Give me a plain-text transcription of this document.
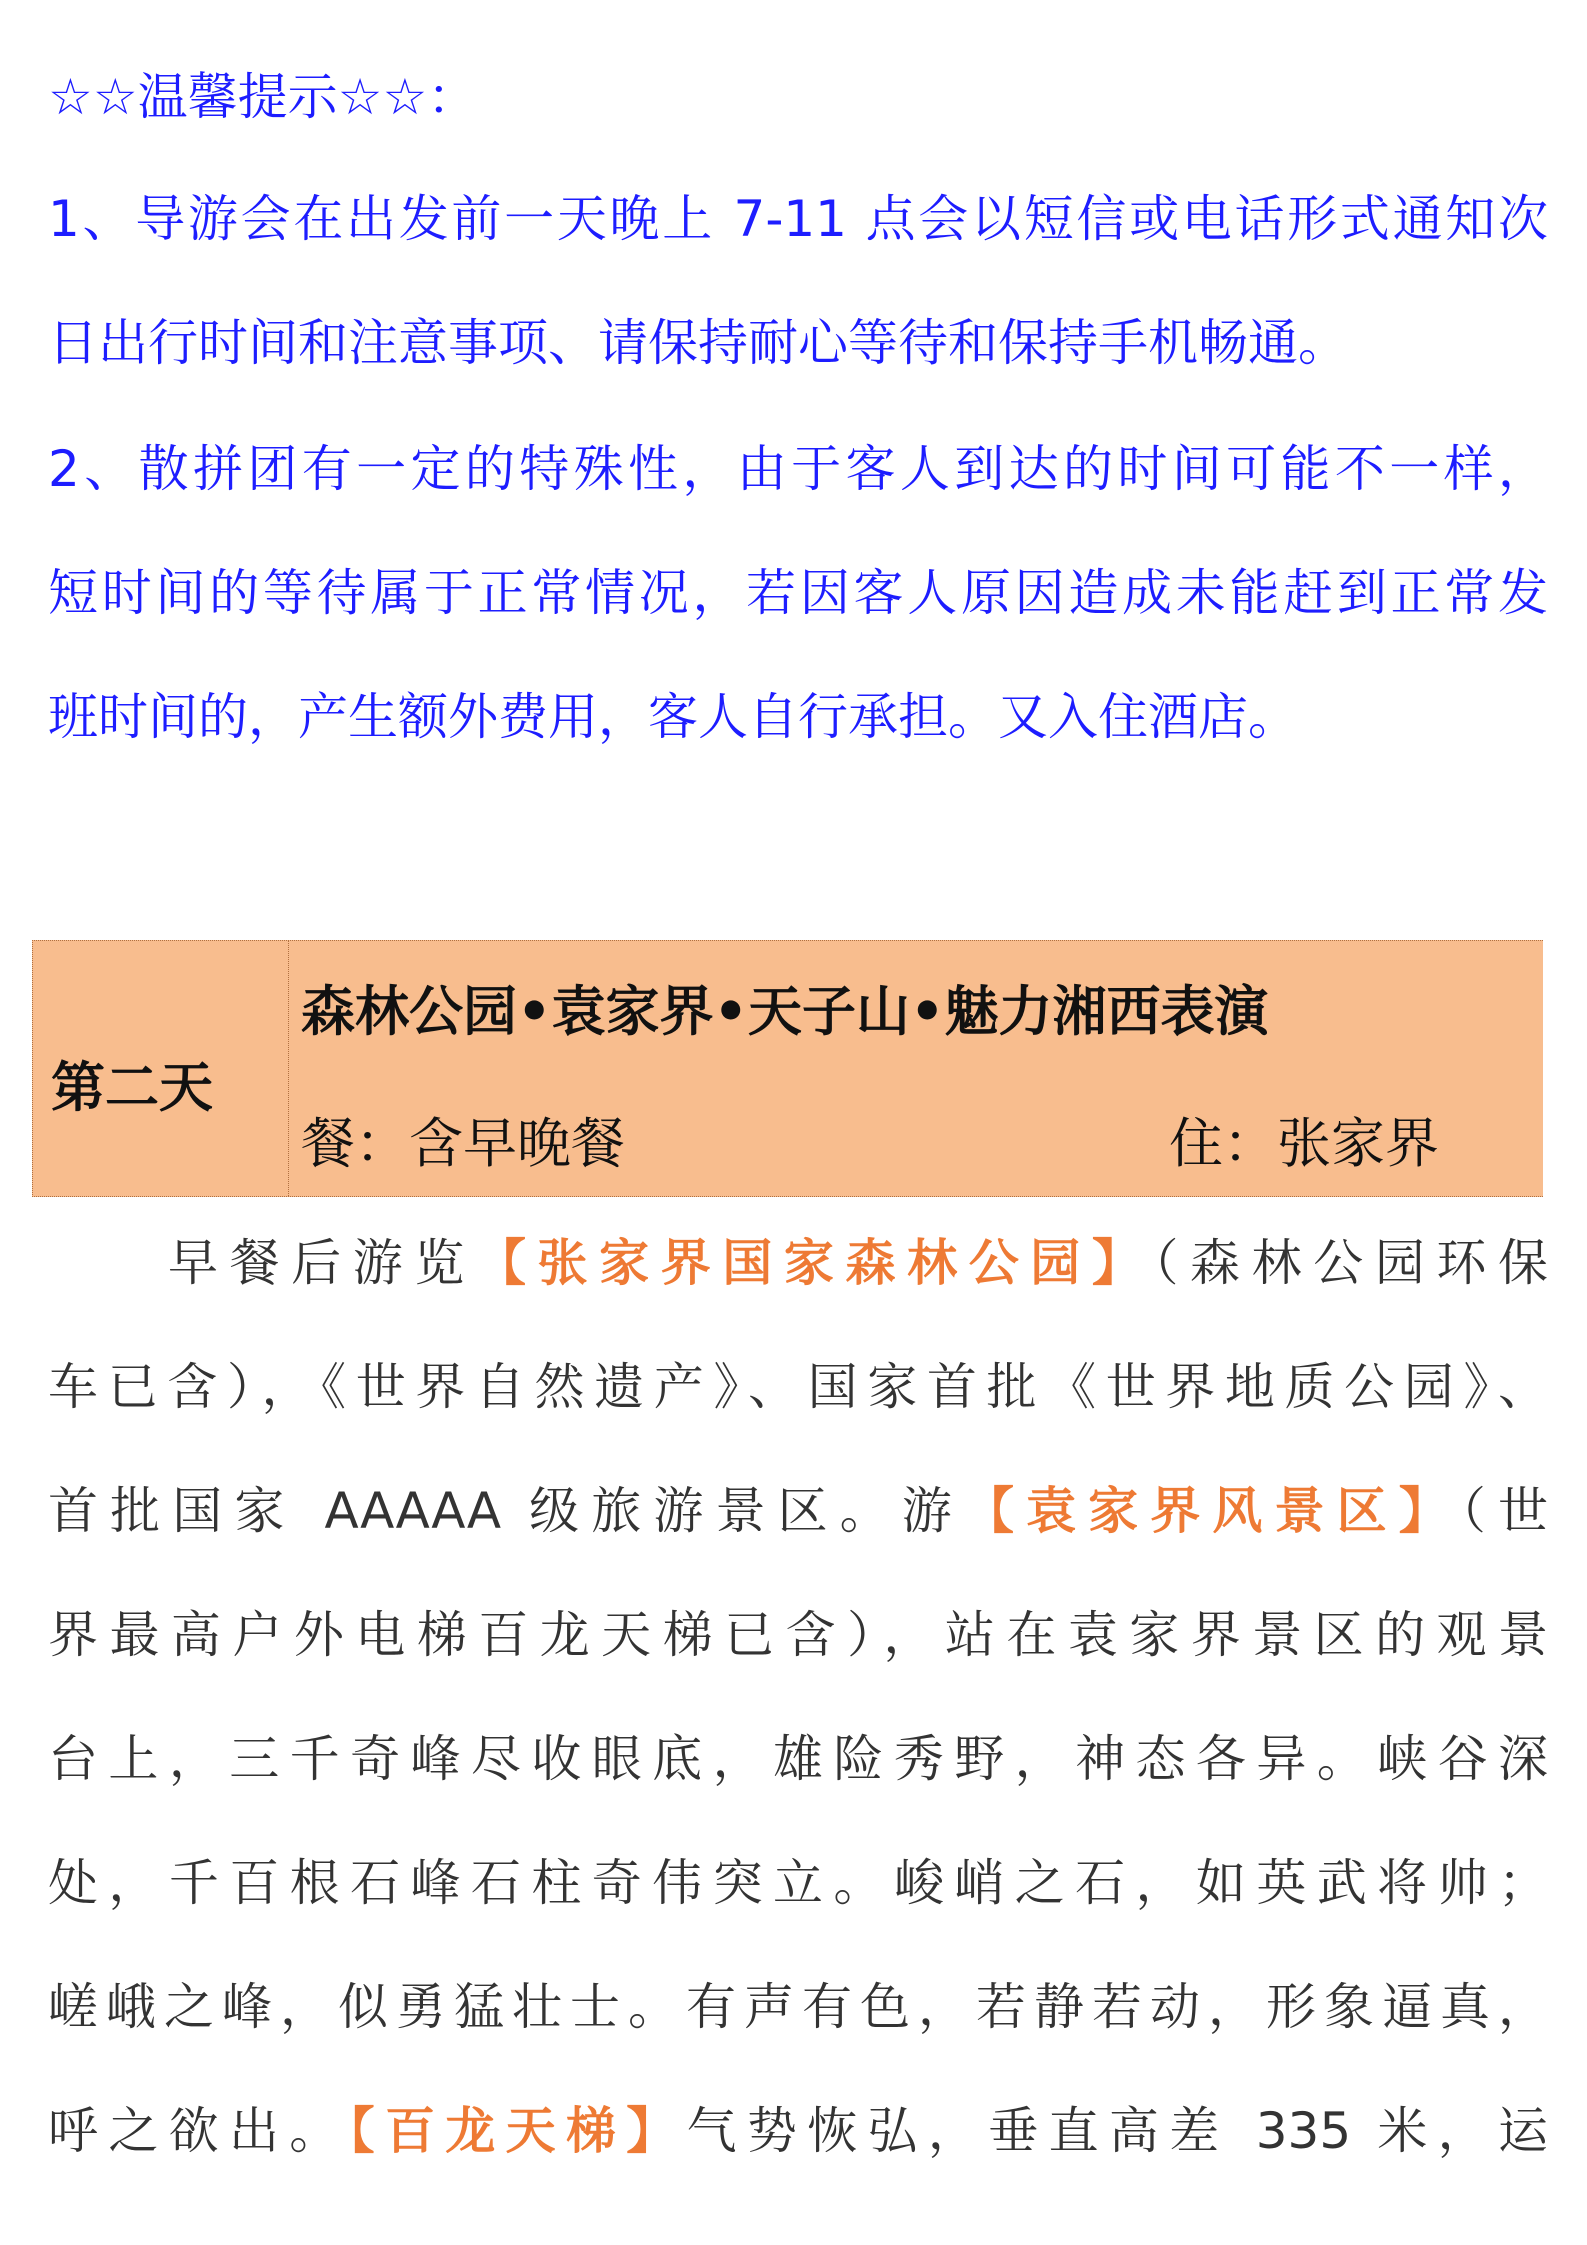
☆☆温馨提示☆☆：
1、导游会在出发前一天晚上 7-11 点会以短信或电话形式通知次
日出行时间和注意事项、请保持耐心等待和保持手机畅通。
2、散拼团有一定的特殊性，由于客人到达的时间可能不一样，
短时间的等待属于正常情况，若因客人原因造成未能赶到正常发
班时间的，产生额外费用，客人自行承担。又入住酒店。
第二天
森林公园•袁家界•天子山•魅力湘西表演
餐：含早晚餐	住：张家界
早餐后游览【张家界国家森林公园】（森林公园环保
车已含），《世界自然遗产》、国家首批《世界地质公园》、
首批国家 AAAAA 级旅游景区。游【袁家界风景区】（世
界最高户外电梯百龙天梯已含），站在袁家界景区的观景
台上，三千奇峰尽收眼底，雄险秀野，神态各异。峡谷深
处，千百根石峰石柱奇伟突立。峻峭之石，如英武将帅；
嵯峨之峰，似勇猛壮士。有声有色，若静若动，形象逼真，
呼之欲出。【百龙天梯】气势恢弘，垂直高差 335 米，运
